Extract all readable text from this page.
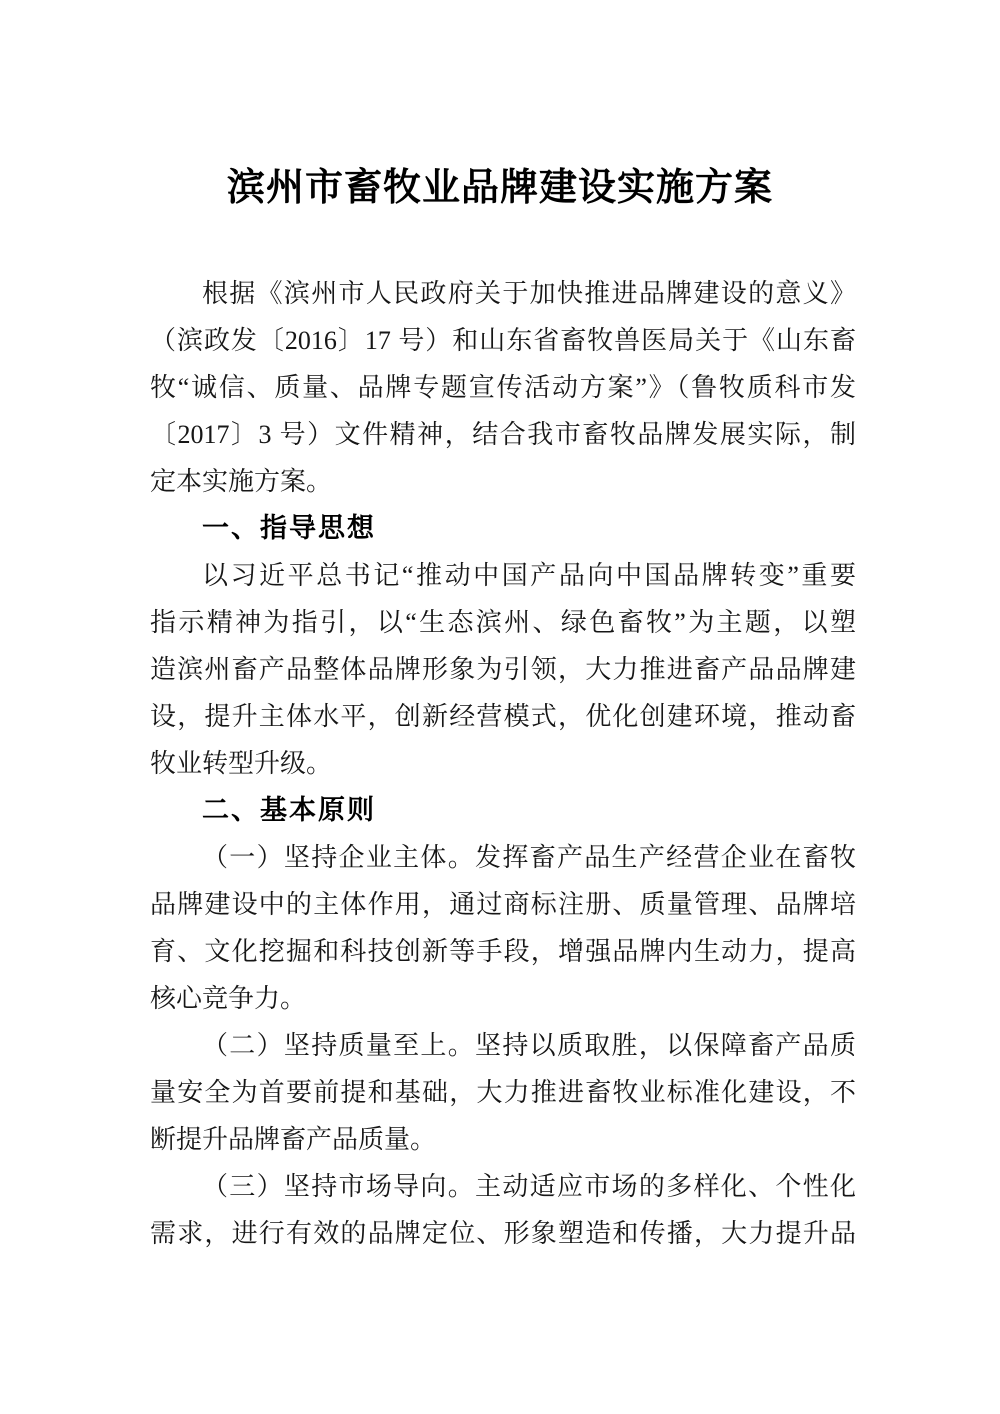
滨州市畜牧业品牌建设实施方案
根据《滨州市人民政府关于加快推进品牌建设的意义》
（滨政发〔2016〕17 号）和山东省畜牧兽医局关于《山东畜
牧“诚信、质量、品牌专题宣传活动方案”》（鲁牧质科市发
〔2017〕3 号）文件精神，结合我市畜牧品牌发展实际，制
定本实施方案。
一、指导思想
以习近平总书记“推动中国产品向中国品牌转变”重要
指示精神为指引，以“生态滨州、绿色畜牧”为主题，以塑
造滨州畜产品整体品牌形象为引领，大力推进畜产品品牌建
设，提升主体水平，创新经营模式，优化创建环境，推动畜
牧业转型升级。
二、基本原则
（一）坚持企业主体。发挥畜产品生产经营企业在畜牧
品牌建设中的主体作用，通过商标注册、质量管理、品牌培
育、文化挖掘和科技创新等手段，增强品牌内生动力，提高
核心竞争力。
（二）坚持质量至上。坚持以质取胜，以保障畜产品质
量安全为首要前提和基础，大力推进畜牧业标准化建设，不
断提升品牌畜产品质量。
（三）坚持市场导向。主动适应市场的多样化、个性化
需求，进行有效的品牌定位、形象塑造和传播，大力提升品
